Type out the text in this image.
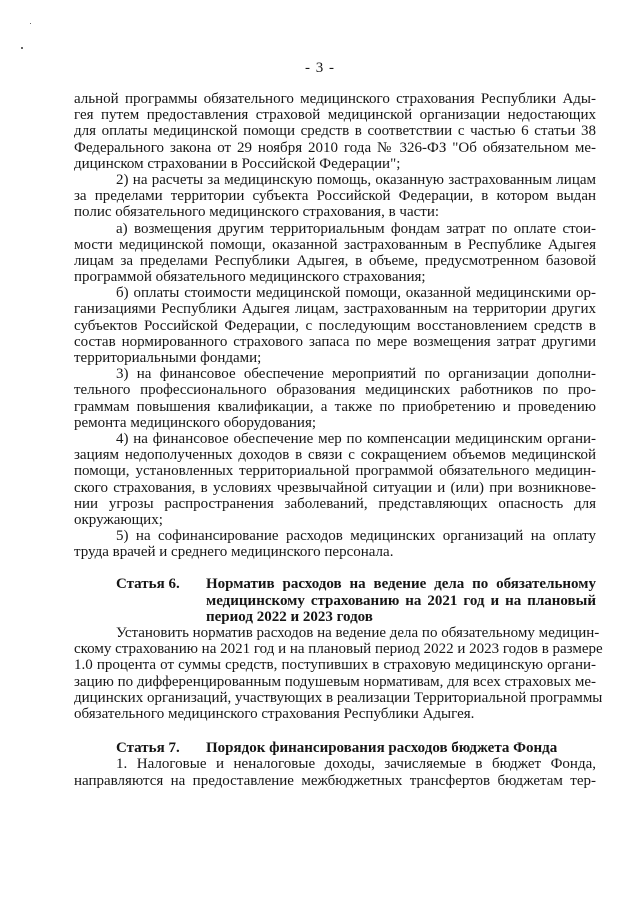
- 3 -
альной программы обязательного медицинского страхования Республики Ады-
гея путем предоставления страховой медицинской организации недостающих
для оплаты медицинской помощи средств в соответствии с частью 6 статьи 38
Федерального закона от 29 ноября 2010 года № 326-ФЗ "Об обязательном ме-
дицинском страховании в Российской Федерации";
2) на расчеты за медицинскую помощь, оказанную застрахованным лицам
за пределами территории субъекта Российской Федерации, в котором выдан
полис обязательного медицинского страхования, в части:
а) возмещения другим территориальным фондам затрат по оплате стои-
мости медицинской помощи, оказанной застрахованным в Республике Адыгея
лицам за пределами Республики Адыгея, в объеме, предусмотренном базовой
программой обязательного медицинского страхования;
б) оплаты стоимости медицинской помощи, оказанной медицинскими ор-
ганизациями Республики Адыгея лицам, застрахованным на территории других
субъектов Российской Федерации, с последующим восстановлением средств в
состав нормированного страхового запаса по мере возмещения затрат другими
территориальными фондами;
3) на финансовое обеспечение мероприятий по организации дополни-
тельного профессионального образования медицинских работников по про-
граммам повышения квалификации, а также по приобретению и проведению
ремонта медицинского оборудования;
4) на финансовое обеспечение мер по компенсации медицинским органи-
зациям недополученных доходов в связи с сокращением объемов медицинской
помощи, установленных территориальной программой обязательного медицин-
ского страхования, в условиях чрезвычайной ситуации и (или) при возникнове-
нии угрозы распространения заболеваний, представляющих опасность для
окружающих;
5) на софинансирование расходов медицинских организаций на оплату
труда врачей и среднего медицинского персонала.
Статья 6. Норматив расходов на ведение дела по обязательному
медицинскому страхованию на 2021 год и на плановый
период 2022 и 2023 годов
Установить норматив расходов на ведение дела по обязательному медицин-
скому страхованию на 2021 год и на плановый период 2022 и 2023 годов в размере
1.0 процента от суммы средств, поступивших в страховую медицинскую органи-
зацию по дифференцированным подушевым нормативам, для всех страховых ме-
дицинских организаций, участвующих в реализации Территориальной программы
обязательного медицинского страхования Республики Адыгея.
Статья 7. Порядок финансирования расходов бюджета Фонда
1. Налоговые и неналоговые доходы, зачисляемые в бюджет Фонда,
направляются на предоставление межбюджетных трансфертов бюджетам тер-
